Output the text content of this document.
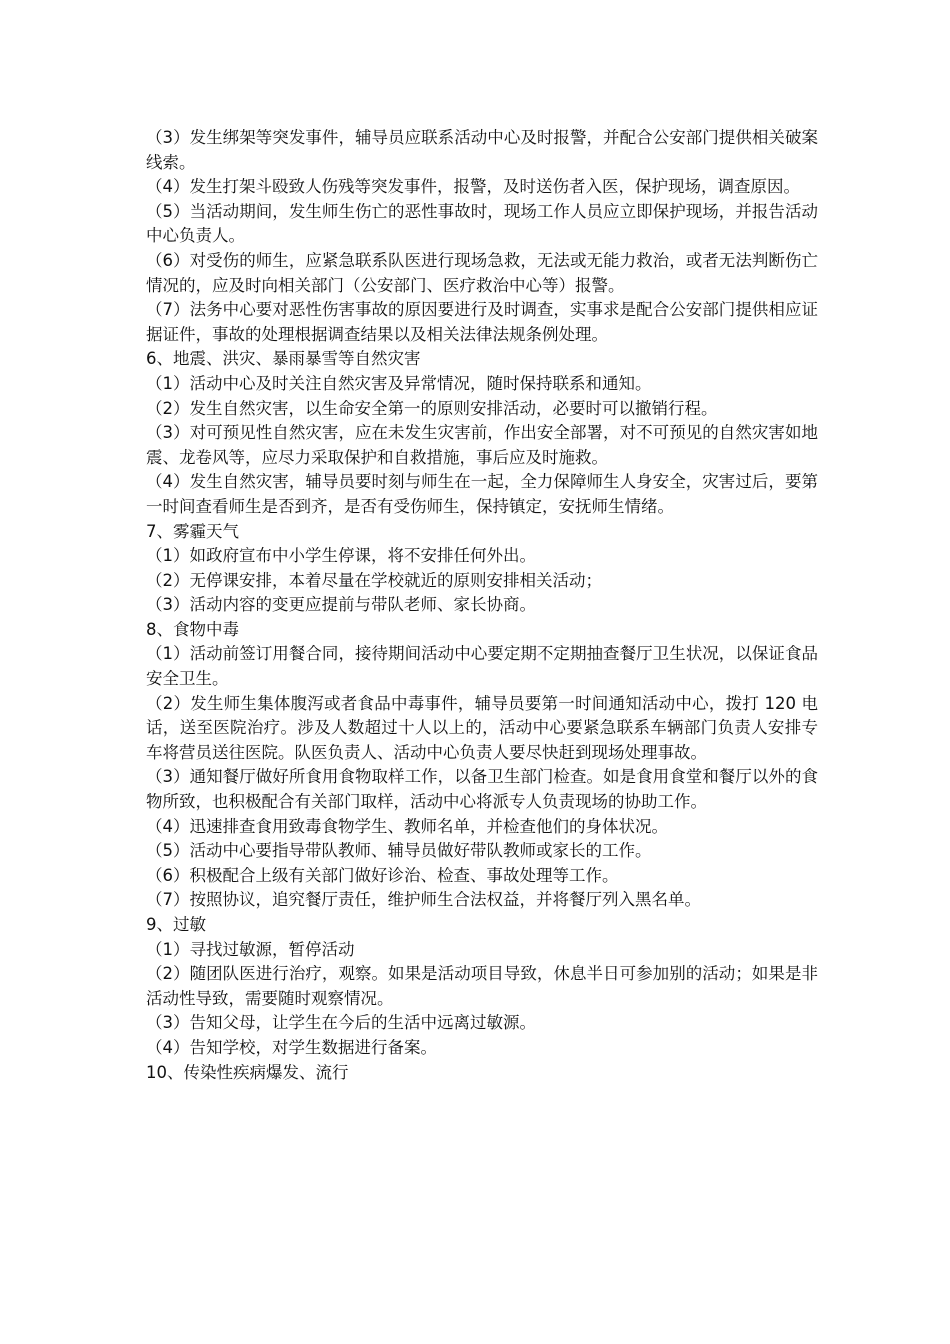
（3）发生绑架等突发事件，辅导员应联系活动中心及时报警，并配合公安部门提供相关破案线索。

（4）发生打架斗殴致人伤残等突发事件，报警，及时送伤者入医，保护现场，调查原因。

（5）当活动期间，发生师生伤亡的恶性事故时，现场工作人员应立即保护现场，并报告活动中心负责人。

（6）对受伤的师生，应紧急联系队医进行现场急救，无法或无能力救治，或者无法判断伤亡情况的，应及时向相关部门（公安部门、医疗救治中心等）报警。

（7）法务中心要对恶性伤害事故的原因要进行及时调查，实事求是配合公安部门提供相应证据证件，事故的处理根据调查结果以及相关法律法规条例处理。

6、地震、洪灾、暴雨暴雪等自然灾害

（1）活动中心及时关注自然灾害及异常情况，随时保持联系和通知。

（2）发生自然灾害，以生命安全第一的原则安排活动，必要时可以撤销行程。

（3）对可预见性自然灾害，应在未发生灾害前，作出安全部署，对不可预见的自然灾害如地震、龙卷风等，应尽力采取保护和自救措施，事后应及时施救。

（4）发生自然灾害，辅导员要时刻与师生在一起，全力保障师生人身安全，灾害过后，要第一时间查看师生是否到齐，是否有受伤师生，保持镇定，安抚师生情绪。

7、雾霾天气

（1）如政府宣布中小学生停课，将不安排任何外出。

（2）无停课安排，本着尽量在学校就近的原则安排相关活动；

（3）活动内容的变更应提前与带队老师、家长协商。

8、食物中毒

（1）活动前签订用餐合同，接待期间活动中心要定期不定期抽查餐厅卫生状况，以保证食品安全卫生。

（2）发生师生集体腹泻或者食品中毒事件，辅导员要第一时间通知活动中心，拨打 120 电话，送至医院治疗。涉及人数超过十人以上的，活动中心要紧急联系车辆部门负责人安排专车将营员送往医院。队医负责人、活动中心负责人要尽快赶到现场处理事故。

（3）通知餐厅做好所食用食物取样工作，以备卫生部门检查。如是食用食堂和餐厅以外的食物所致，也积极配合有关部门取样，活动中心将派专人负责现场的协助工作。

（4）迅速排查食用致毒食物学生、教师名单，并检查他们的身体状况。

（5）活动中心要指导带队教师、辅导员做好带队教师或家长的工作。

（6）积极配合上级有关部门做好诊治、检查、事故处理等工作。

（7）按照协议，追究餐厅责任，维护师生合法权益，并将餐厅列入黑名单。

9、过敏

（1）寻找过敏源，暂停活动

（2）随团队医进行治疗，观察。如果是活动项目导致，休息半日可参加别的活动；如果是非活动性导致，需要随时观察情况。

（3）告知父母，让学生在今后的生活中远离过敏源。

（4）告知学校，对学生数据进行备案。

10、传染性疾病爆发、流行
